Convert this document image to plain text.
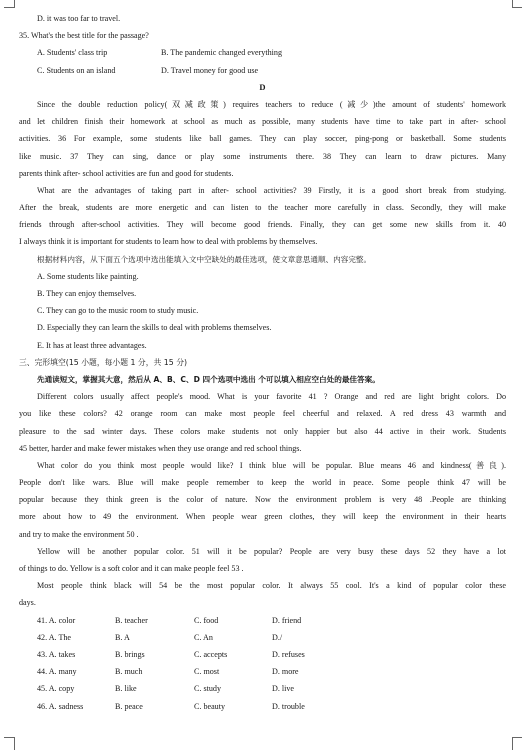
D. it was too far to travel.
35. What's the best title for the passage?
A. Students' class trip	B. The pandemic changed everything
C. Students on an island	D. Travel money for good use
D
Since the double reduction policy(双减政策) requires teachers to reduce (减少)the amount of students' homework
and let children finish their homework at school as much as possible, many students have time to take part in after- school
activities. 36 For example, some students like ball games. They can play soccer, ping-pong or basketball. Some students
like music. 37 They can sing, dance or play some instruments there. 38 They can learn to draw pictures. Many
parents think after- school activities are fun and good for students.
What are the advantages of taking part in after- school activities? 39 Firstly, it is a good short break from studying.
After the break, students are more energetic and can listen to the teacher more carefully in class. Secondly, they will make
friends through after-school activities. They will become good friends. Finally, they can get some new skills from it. 40
I always think it is important for students to learn how to deal with problems by themselves.
根据材料内容，从下面五个选项中选出能填入文中空缺处的最佳选项，使文章意思通顺、内容完整。
A. Some students like painting.
B. They can enjoy themselves.
C. They can go to the music room to study music.
D. Especially they can learn the skills to deal with problems themselves.
E. It has at least three advantages.
三、完形填空(15 小题，每小题 1 分，共 15 分)
先通读短文，掌握其大意，然后从 A、B、C、D 四个选项中选出 个可以填入相应空白处的最佳答案。
Different colors usually affect people's mood. What is your favorite 41 ? Orange and red are light bright colors. Do
you like these colors? 42 orange room can make most people feel cheerful and relaxed. A red dress 43 warmth and
pleasure to the sad winter days. These colors make students not only happier but also 44 active in their work. Students
45 better, harder and make fewer mistakes when they use orange and red school things.
What color do you think most people would like? I think blue will be popular. Blue means 46 and kindness(善良).
People don't like wars. Blue will make people remember to keep the world in peace. Some people think 47 will be
popular because they think green is the color of nature. Now the environment problem is very 48 .People are thinking
more about how to 49 the environment. When people wear green clothes, they will keep the environment in their hearts
and try to make the environment 50 .
Yellow will be another popular color. 51 will it be popular? People are very busy these days 52 they have a lot
of things to do. Yellow is a soft color and it can make people feel 53 .
Most people think black will 54 be the most popular color. It always 55 cool. It's a kind of popular color these
days.
41. A. color	B. teacher	C. food	D. friend
42. A. The	B. A	C. An	D./
43. A. takes	B. brings	C. accepts	D. refuses
44. A. many	B. much	C. most	D. more
45. A. copy	B. like	C. study	D. live
46. A. sadness	B. peace	C. beauty	D. trouble
